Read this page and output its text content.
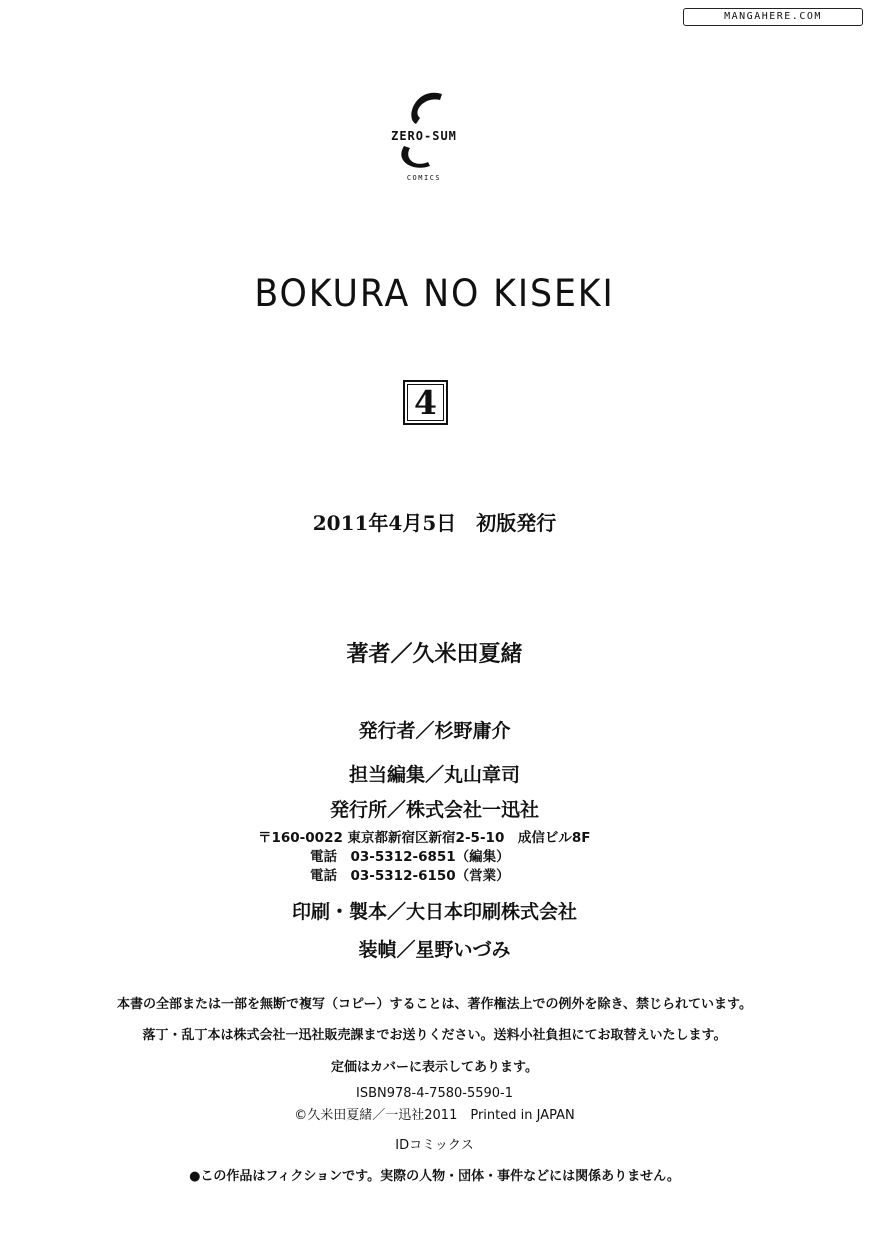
MANGAHERE.COM
ZERO-SUM
COMICS
BOKURA NO KISEKI
4
2011年4月5日　初版発行
著者／久米田夏緒
発行者／杉野庸介
担当編集／丸山章司
発行所／株式会社一迅社
〒160-0022 東京都新宿区新宿2-5-10　成信ビル8F
電話　03-5312-6851（編集）
電話　03-5312-6150（営業）
印刷・製本／大日本印刷株式会社
装幀／星野いづみ
本書の全部または一部を無断で複写（コピー）することは、著作権法上での例外を除き、禁じられています。
落丁・乱丁本は株式会社一迅社販売課までお送りください。送料小社負担にてお取替えいたします。
定価はカバーに表示してあります。
ISBN978-4-7580-5590-1
©久米田夏緒／一迅社2011　Printed in JAPAN
IDコミックス
●この作品はフィクションです。実際の人物・団体・事件などには関係ありません。
